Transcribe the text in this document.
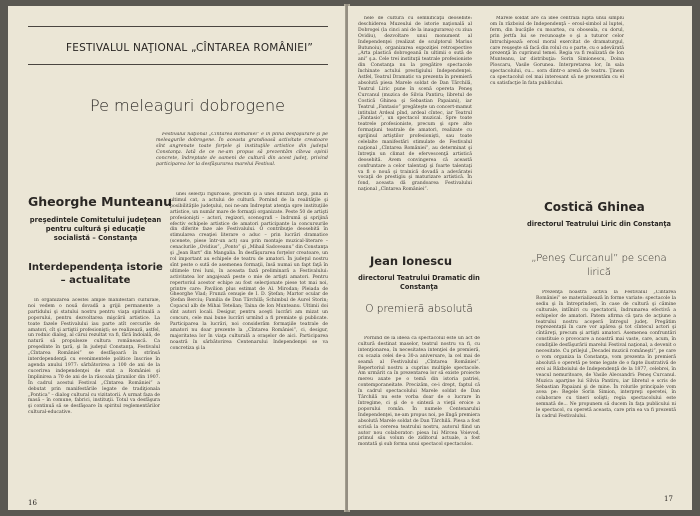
FESTIVALUL NAŢIONAL „CÎNTAREA ROMÂNIEI”
Pe meleaguri dobrogene

Festivalul naţional „Cîntarea României” e în plină desfăşurare şi pe meleagurile dobrogene. În aceasta grandioasă activitate creatoare sînt angrenate toate forţele şi instituţiile artistice din judeţul Constanţa. Iată de ce ne-am propus să prezentăm cîteva opinii concrete, îndreptate de oameni de cultură din acest judeţ, privind participarea lor la desfăşurarea marelui Festival.

Gheorghe Munteanu
preşedintele Comitetului judeţean pentru cultură şi educaţie socialistă – Constanţa
Interdependenţa istorie – actualitate

În organizarea acestei ample manifestări culturale, noi vedem o nouă dovadă a grijii permanente a partidului şi statului nostru pentru viaţa spirituală a poporului, pentru dezvoltarea mişcării artistice. La toate fazele Festivalului iau parte atît cercurile de amatori, cît şi artiştii profesionişti; se realizează, astfel, un rodnic dialog, al cărui rezultat va fi, fără îndoială, de natură să propulseze cultura românească. Ca preşedinte în ţară, şi în judeţul Constanţa, Festivalul „Cîntarea României” se desfăşoară în strînsă interdependenţă cu evenimentele politice înscrise în agenda anului 1977: sărbătorirea a 100 de ani de la cucerirea independenţei de stat a României şi împlinirea a 70 de ani de la răscoala ţăranilor din 1907. În cadrul acestui Festival „Cîntarea României” a debutat prin manifestările legate de tradiţionala „Pontica” – dialog cultural cu vizitatorii. A urmat faza de masă – în comune, fabrici, instituţii. Totul va desfăşura şi continuă să se desfăşoare în spiritul reglementărilor cultural-educative.

unei selecţii riguroase, precum şi a unei difuzări largi, pînă în ultimul cat, a actului de cultură. Pornind de la realităţile şi posibilităţile judeţului, noi ne-am îndreptat atenţia spre instituţiile artistice, un număr mare de formaţii organizate. Peste 50 de artişti profesionişti – actori, regizori, scenografi – îndrumă şi sprijină efectiv echipele artistice de amatori participante la concursurile din diferite faze ale Festivalului. O contribuţie deosebită în stimularea creaţiei literare o aduc – prin lucrări dramatice (scenete, piese într-un act) sau prin montaje muzical-literare – cenaclurile „Ovidius”, „Ponto” şi „Mihail Sadoveanu” din Constanţa şi „Jean Bart” din Mangalia. În desfăşurarea forţelor creatoare, un rol important au echipele de teatru de amatori. În judeţul nostru sînt peste o sută de asemenea formaţii, însă numai un fapt faţă în ultimele trei luni, în aceasta fază preliminară a Festivalului: activitatea lor angajează peste o mie de artişti amatori. Pentru repertoriul acestor echipe au fost selecţionate piese tot mai noi, printre care: Pavilion plus estimat de Al. Mirodan; Pleiada de Gheorghe Vlad; Frunză cenuşie de I. D. Ştefan; Martor ocular de Ştefan Berciu; Familia de Dan Tărchilă; Schimbul de Aurel Storin; Copacul alb de Mihai Tetelian; Taina de Ion Munteanu. Ultimii doi sînt autori locali. Desigur, pentru aceşti lucrări am mizat un concurs, cele mai bune lucrări urmînd a fi premiate şi publicate. Participarea la lucrări, noi considerăm formaţiile teatrale de amatori nu doar prezente la „Cîntarea României”, ci, desigur, majoritatea lor în viaţa culturală a oraşelor de aici. Participarea noastră în sărbătorirea Centenarului Independenţei se va concretiza şi la

16

nele de cultură cu semnificaţii deosebite: deschiderea Muzeului de istorie naţională al Dobrogei (la cinci ani de la inaugurarea) cu ziua Ovidiu), dezvoltare unui monument al Independenţei (realizat de sculptorul Marius Butunoiu), organizarea expoziţiei retrospective „Arta plastică dobrogeană în ultimii o sută de ani” ş.a. Cele trei instituţii teatrale profesioniste din Constanţa nu la pregătire spectacole închinate actului prestigiului Independenţei. Astfel, Teatrul Dramatic va prezenta în premieră absolută piesa Marele soldat de Dan Tărchilă, Teatrul Liric pune în scenă opereta Peneş Curcanul (muzica de Silvia Pantiru; libretul de Costică Ghinea şi Sebastian Papaiani), iar Teatrul „Fantasio” pregăteşte un concert-mamut intitulat Ardeal pînd, ardeal cîntec, iar Teatrul „Fantasio”, un spectacol muzical. Spre toate teatrele profesioniste, precum şi spre alte formaţiuni teatrale de amatori, realizate cu sprijinul artiştilor profesionişti, sau toate celelalte manifestări stimulate de Festivalul naţional „Cîntarea României”, au determinat şi întreţin un climat de efervescenţă artistică deosebită. Avem convingerea că această confruntare a celor talentaţi şi foarte talentaţi va fi o nouă şi trainică dovadă a adevăratei vocaţii de prestigiu şi maturizare artistică. În fond, aceasta dă grandoarea Festivalului naţional „Cîntarea României”.

Jean Ionescu
directorul Teatrului Dramatic din Constanţa
O premieră absolută

Pornind de la ideea că spectacolul este un act de cultură destinat maselor, teatrul nostru va fi, cu intenţionarea, în necesitatea intenţiei de premieră, cu ocazia celei de-a 30-a aniversare, la cel mai de seamă al Festivalului „Cîntarea României”. Repertoriul nostru a cuprins multiple spectacole. Am urmărit ca în prezentarea lor să existe proiecte mereu axate pe o temă din istoria patriei, contemporaneitate. Precizăm, ce-i drept, faptul că în cadrul spectacolului Marele soldat de Dan Tărchilă nu este vorba doar de o lucrare în întregime, ci şi de o sinteză a vieţii eroice a poporului român. În numele Centenarului Independenţei, ne-am propus noi, pe lîngă premiera absolută Marele soldat de Dan Tărchilă. Piesa a fost scrisă la cererea teatrului nostru, autorul fiind un autor nou colaborator: piesa lui Mircea Voievod, primul său volum de ziditorul actuale, a fost montată şi sub forma unui spectacol spectaculos.

Marele soldat are ca idee centrală lupta unui simplu om în războiul de Independenţă – eroul-simbol al luptei, ferm, din bucăţile cu moartea, cu oboseala, cu dorul, prin jertfa lui se recunoaşte o şi a tuturor celor întruchipează: eroul moral exercitat de dramaturgul, care reuşeşte să facă din rolul cu o parte, cu o adevărată prezenţă în cuprinsul temei. Regia va fi realizată de Ion Munteanu, iar distribuţia: Sorin Simionescu, Doina Ploscaru, Vasile Gorunea. Interpretarea lor, în sala spectacolului, cu... sora dintr-o arenă de teatru. Ţinem ca spectacolul cel mai interesant să ne prezentăm cu el cu satisfacţie în fata publicului.

Costică Ghinea
directorul Teatrului Liric din Constanţa
„Peneş Curcanul” pe scena lirică

Prezenţa noastră activă la Festivalul „Cîntarea României” se materializează în forme variate: spectacole la sediu şi în întreprinderi, în case de cultură şi cămine culturale, intîlniri cu spectatorii, îndrumarea efectivă a echipelor de amatori. Patem afirma că ţara de acţiune a teatrului nostru acoperă întregul judeţ. Pregătim reprezentaţii în care vor apărea şi tot cîntecul actori şi cîntăreţi, precum şi artişti amatori. Asemenea confruntări constituie o provocare a noastră mai vaste, care, acum, în condiţiile desfăşurării marelui Festival naţional, a devenit o necesitate. Cu prilejul „Decadei muzicii româneşti”, pe care o vom organiza la Constanţa, vom prezenta în premieră absolută o operetă pe teme legate de o fapte ilustrativă de eroi ai Războiului de Independenţă de la 1877, celebrei, în veacul nemuritoare, de Vasile Alecsandri: Peneş Curcanul. Muzica aparţine lui Silvia Pantiru, iar libretul e scris de Sebastian Papaiani şi de mine. În rolurile principale vom avea pe: Regele Sorin Simion, interpreţi operetei, în colaborare cu tineri solişti; regia spectacolului este semnată de... Ne propunem să ducem în faţa publicului ni le spectacol, cu operetă aceasta, care prin ea va fi prezentă în cadrul Festivalului.

17
